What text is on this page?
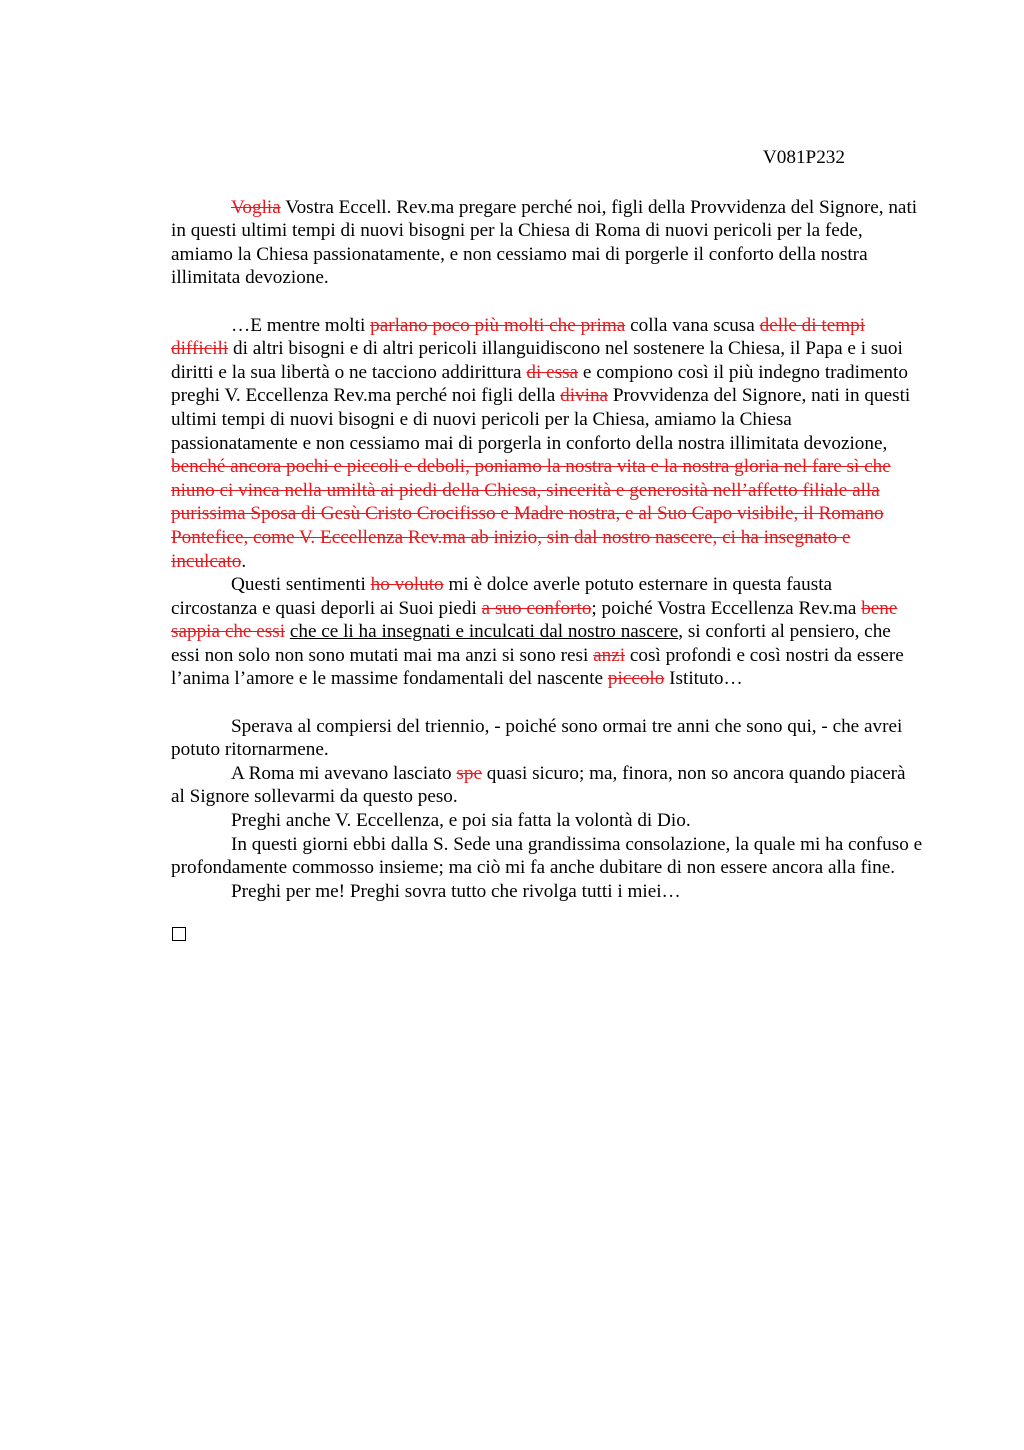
V081P232

Voglia Vostra Eccell. Rev.ma pregare perché noi, figli della Provvidenza del Signore, nati in questi ultimi tempi di nuovi bisogni per la Chiesa di Roma di nuovi pericoli per la fede, amiamo la Chiesa passionatamente, e non cessiamo mai di porgerle il conforto della nostra illimitata devozione.

…E mentre molti parlano poco più molti che prima colla vana scusa delle di tempi difficili di altri bisogni e di altri pericoli illanguidiscono nel sostenere la Chiesa, il Papa e i suoi diritti e la sua libertà o ne tacciono addirittura di essa e compiono così il più indegno tradimento preghi V. Eccellenza Rev.ma perché noi figli della divina Provvidenza del Signore, nati in questi ultimi tempi di nuovi bisogni e di nuovi pericoli per la Chiesa, amiamo la Chiesa passionatamente e non cessiamo mai di porgerla in conforto della nostra illimitata devozione, benché ancora pochi e piccoli e deboli, poniamo la nostra vita e la nostra gloria nel fare sì che niuno ci vinca nella umiltà ai piedi della Chiesa, sincerità e generosità nell’affetto filiale alla purissima Sposa di Gesù Cristo Crocifisso e Madre nostra, e al Suo Capo visibile, il Romano Pontefice, come V. Eccellenza Rev.ma ab inizio, sin dal nostro nascere, ci ha insegnato e inculcato.

Questi sentimenti ho voluto mi è dolce averle potuto esternare in questa fausta circostanza e quasi deporli ai Suoi piedi a suo conforto; poiché Vostra Eccellenza Rev.ma bene sappia che essi che ce li ha insegnati e inculcati dal nostro nascere, si conforti al pensiero, che essi non solo non sono mutati mai ma anzi si sono resi anzi così profondi e così nostri da essere l’anima l’amore e le massime fondamentali del nascente piccolo Istituto…

Sperava al compiersi del triennio, - poiché sono ormai tre anni che sono qui, - che avrei potuto ritornarmene.

A Roma mi avevano lasciato spe quasi sicuro; ma, finora, non so ancora quando piacerà al Signore sollevarmi da questo peso.

Preghi anche V. Eccellenza, e poi sia fatta la volontà di Dio.

In questi giorni ebbi dalla S. Sede una grandissima consolazione, la quale mi ha confuso e profondamente commosso insieme; ma ciò mi fa anche dubitare di non essere ancora alla fine.

Preghi per me! Preghi sovra tutto che rivolga tutti i miei…
